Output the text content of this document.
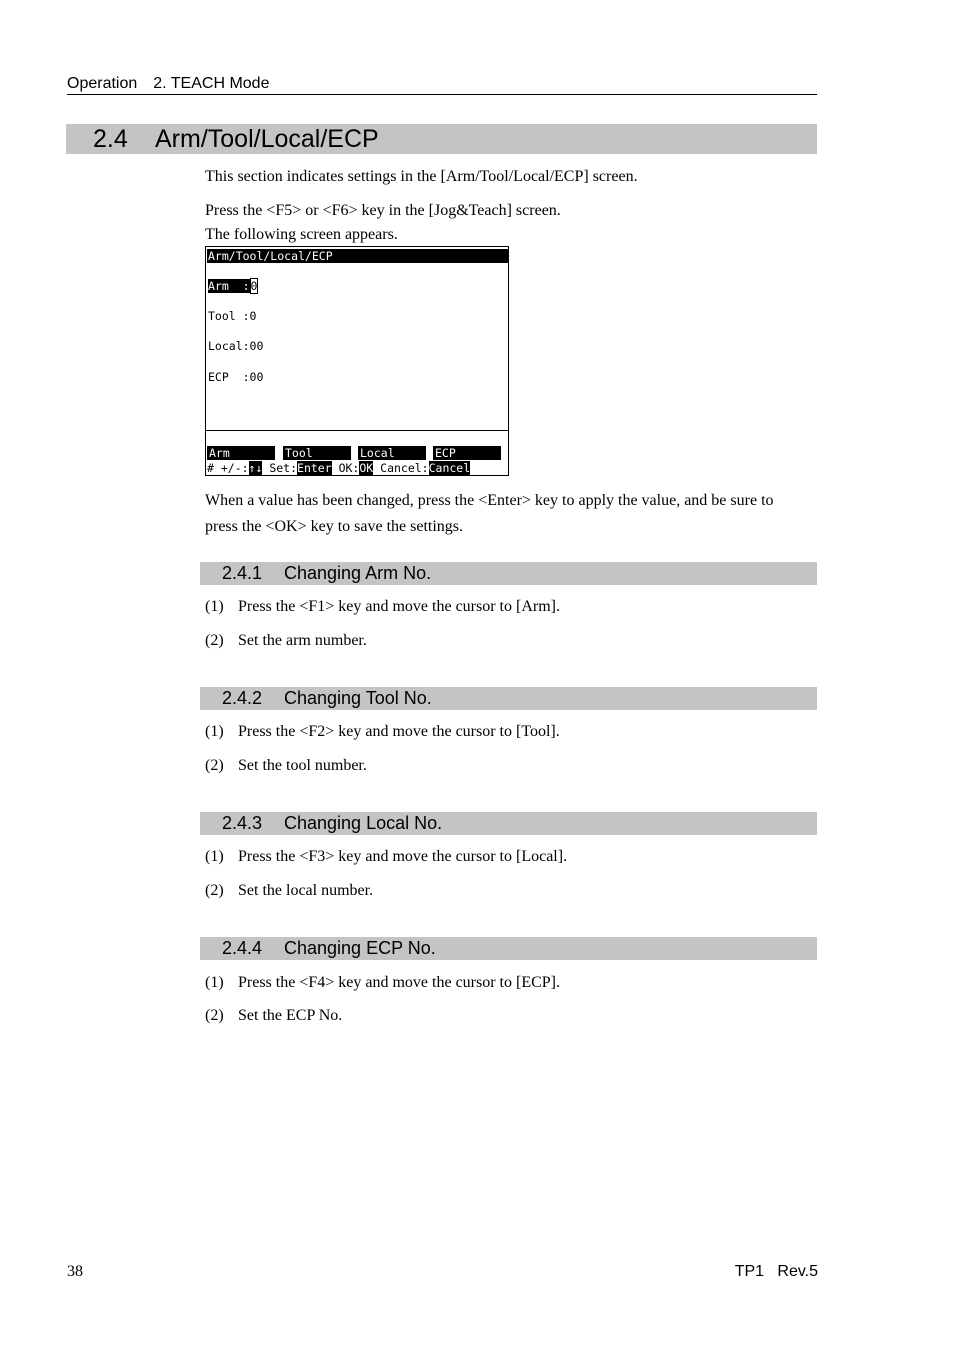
Operation 2. TEACH Mode
2.4 Arm/Tool/Local/ECP
This section indicates settings in the [Arm/Tool/Local/ECP] screen.
Press the <F5> or <F6> key in the [Jog&Teach] screen.
The following screen appears.
Arm/Tool/Local/ECP
Arm  :0
Tool :0
Local:00
ECP  :00
Arm	Tool	Local	ECP
# +/-:↑↓ Set:Enter OK:OK Cancel:Cancel
When a value has been changed, press the <Enter> key to apply the value, and be sure to
press the <OK> key to save the settings.
2.4.1 Changing Arm No.
(1) Press the <F1> key and move the cursor to [Arm].
(2) Set the arm number.
2.4.2 Changing Tool No.
(1) Press the <F2> key and move the cursor to [Tool].
(2) Set the tool number.
2.4.3 Changing Local No.
(1) Press the <F3> key and move the cursor to [Local].
(2) Set the local number.
2.4.4 Changing ECP No.
(1) Press the <F4> key and move the cursor to [ECP].
(2) Set the ECP No.
38	TP1   Rev.5
